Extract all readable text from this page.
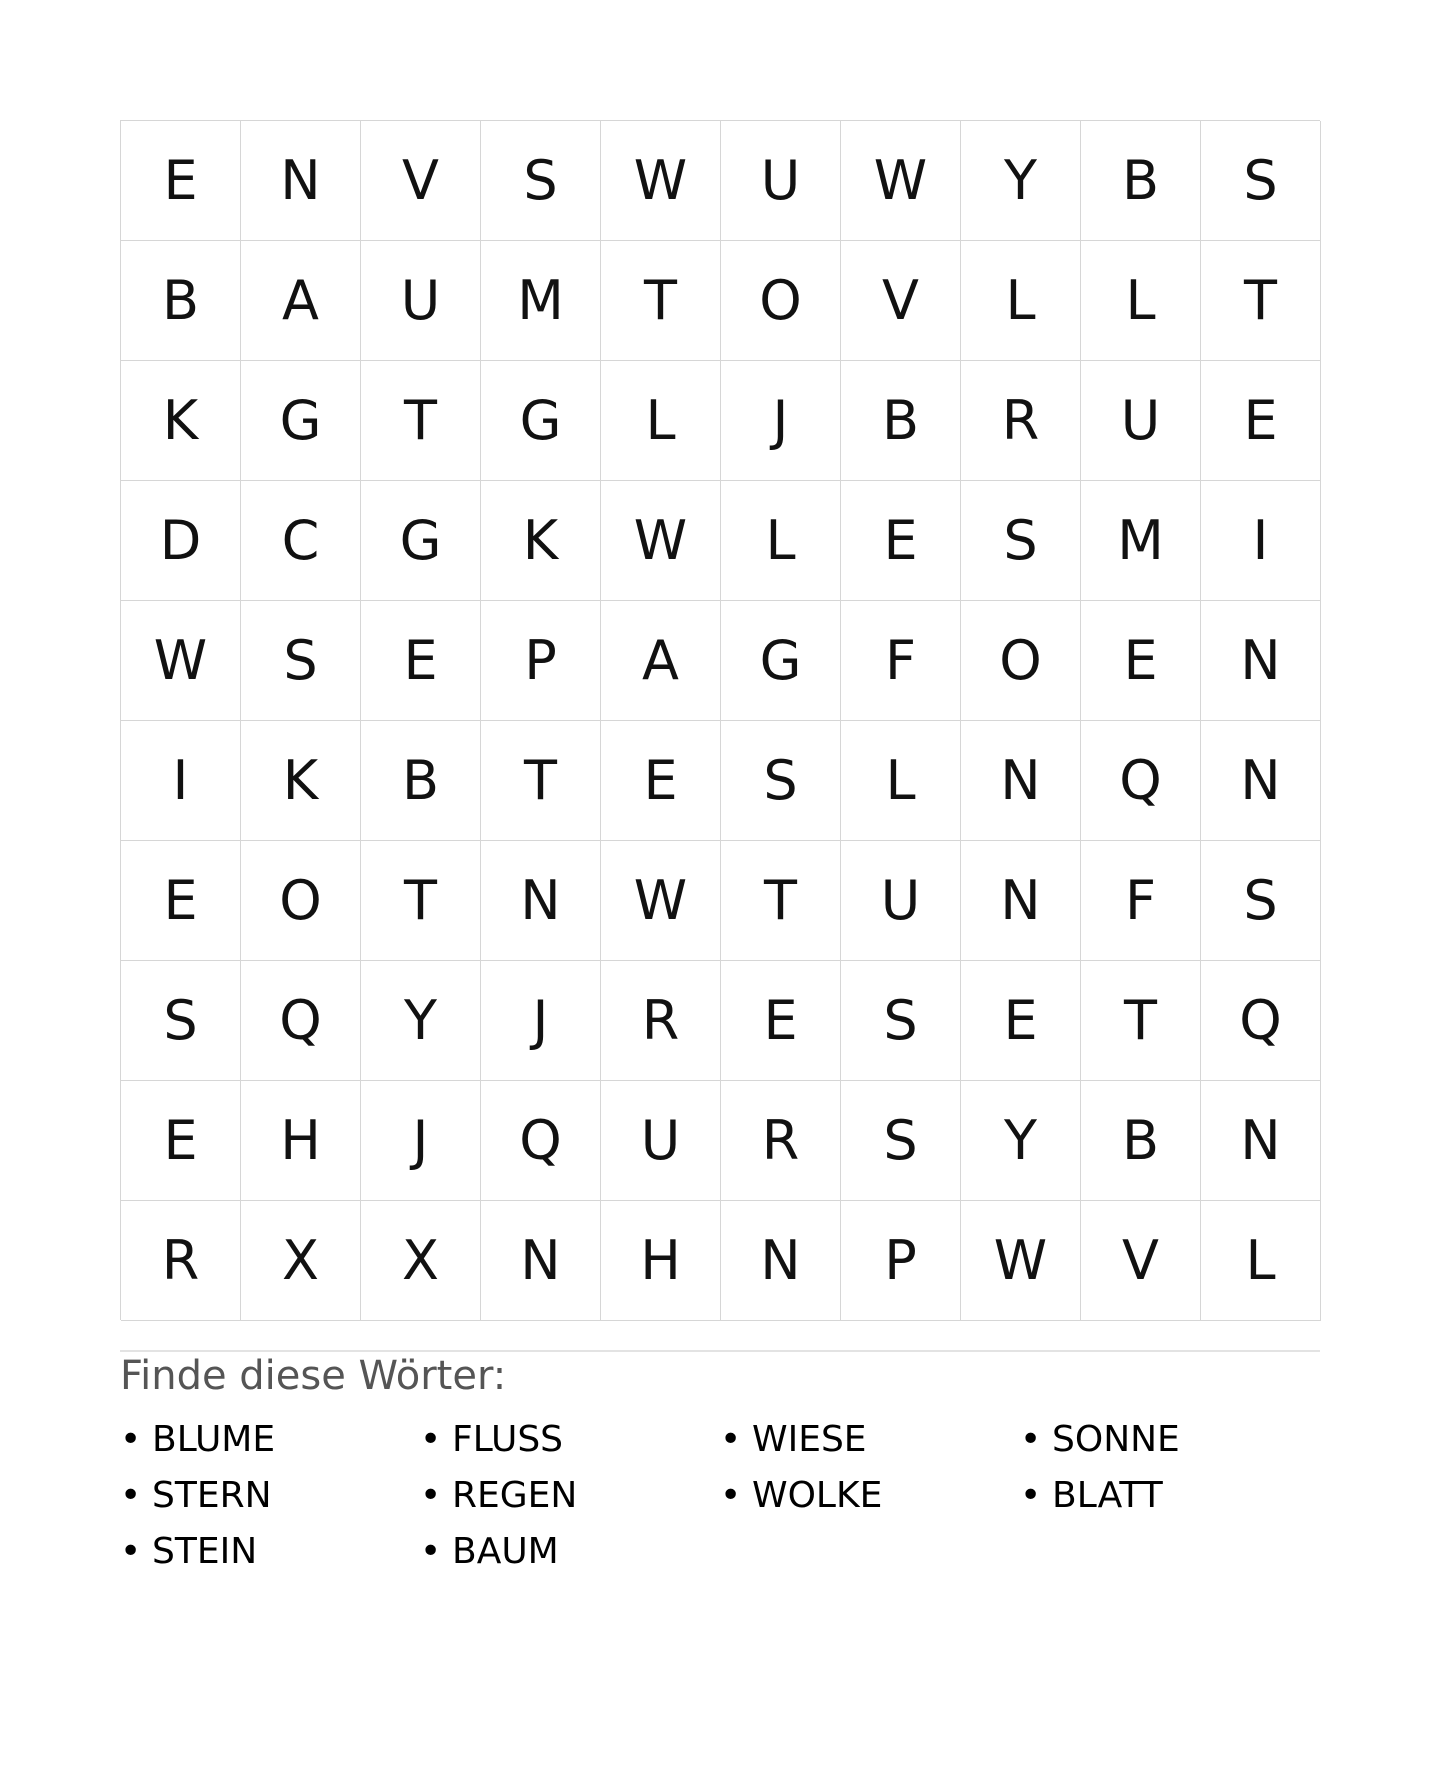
E	N	V	S	W	U	W	Y	B	S
B	A	U	M	T	O	V	L	L	T
K	G	T	G	L	J	B	R	U	E
D	C	G	K	W	L	E	S	M	I
W	S	E	P	A	G	F	O	E	N
I	K	B	T	E	S	L	N	Q	N
E	O	T	N	W	T	U	N	F	S
S	Q	Y	J	R	E	S	E	T	Q
E	H	J	Q	U	R	S	Y	B	N
R	X	X	N	H	N	P	W	V	L
Finde diese Wörter:
• BLUME	• FLUSS	• WIESE	• SONNE
• STERN	• REGEN	• WOLKE	• BLATT
• STEIN	• BAUM
